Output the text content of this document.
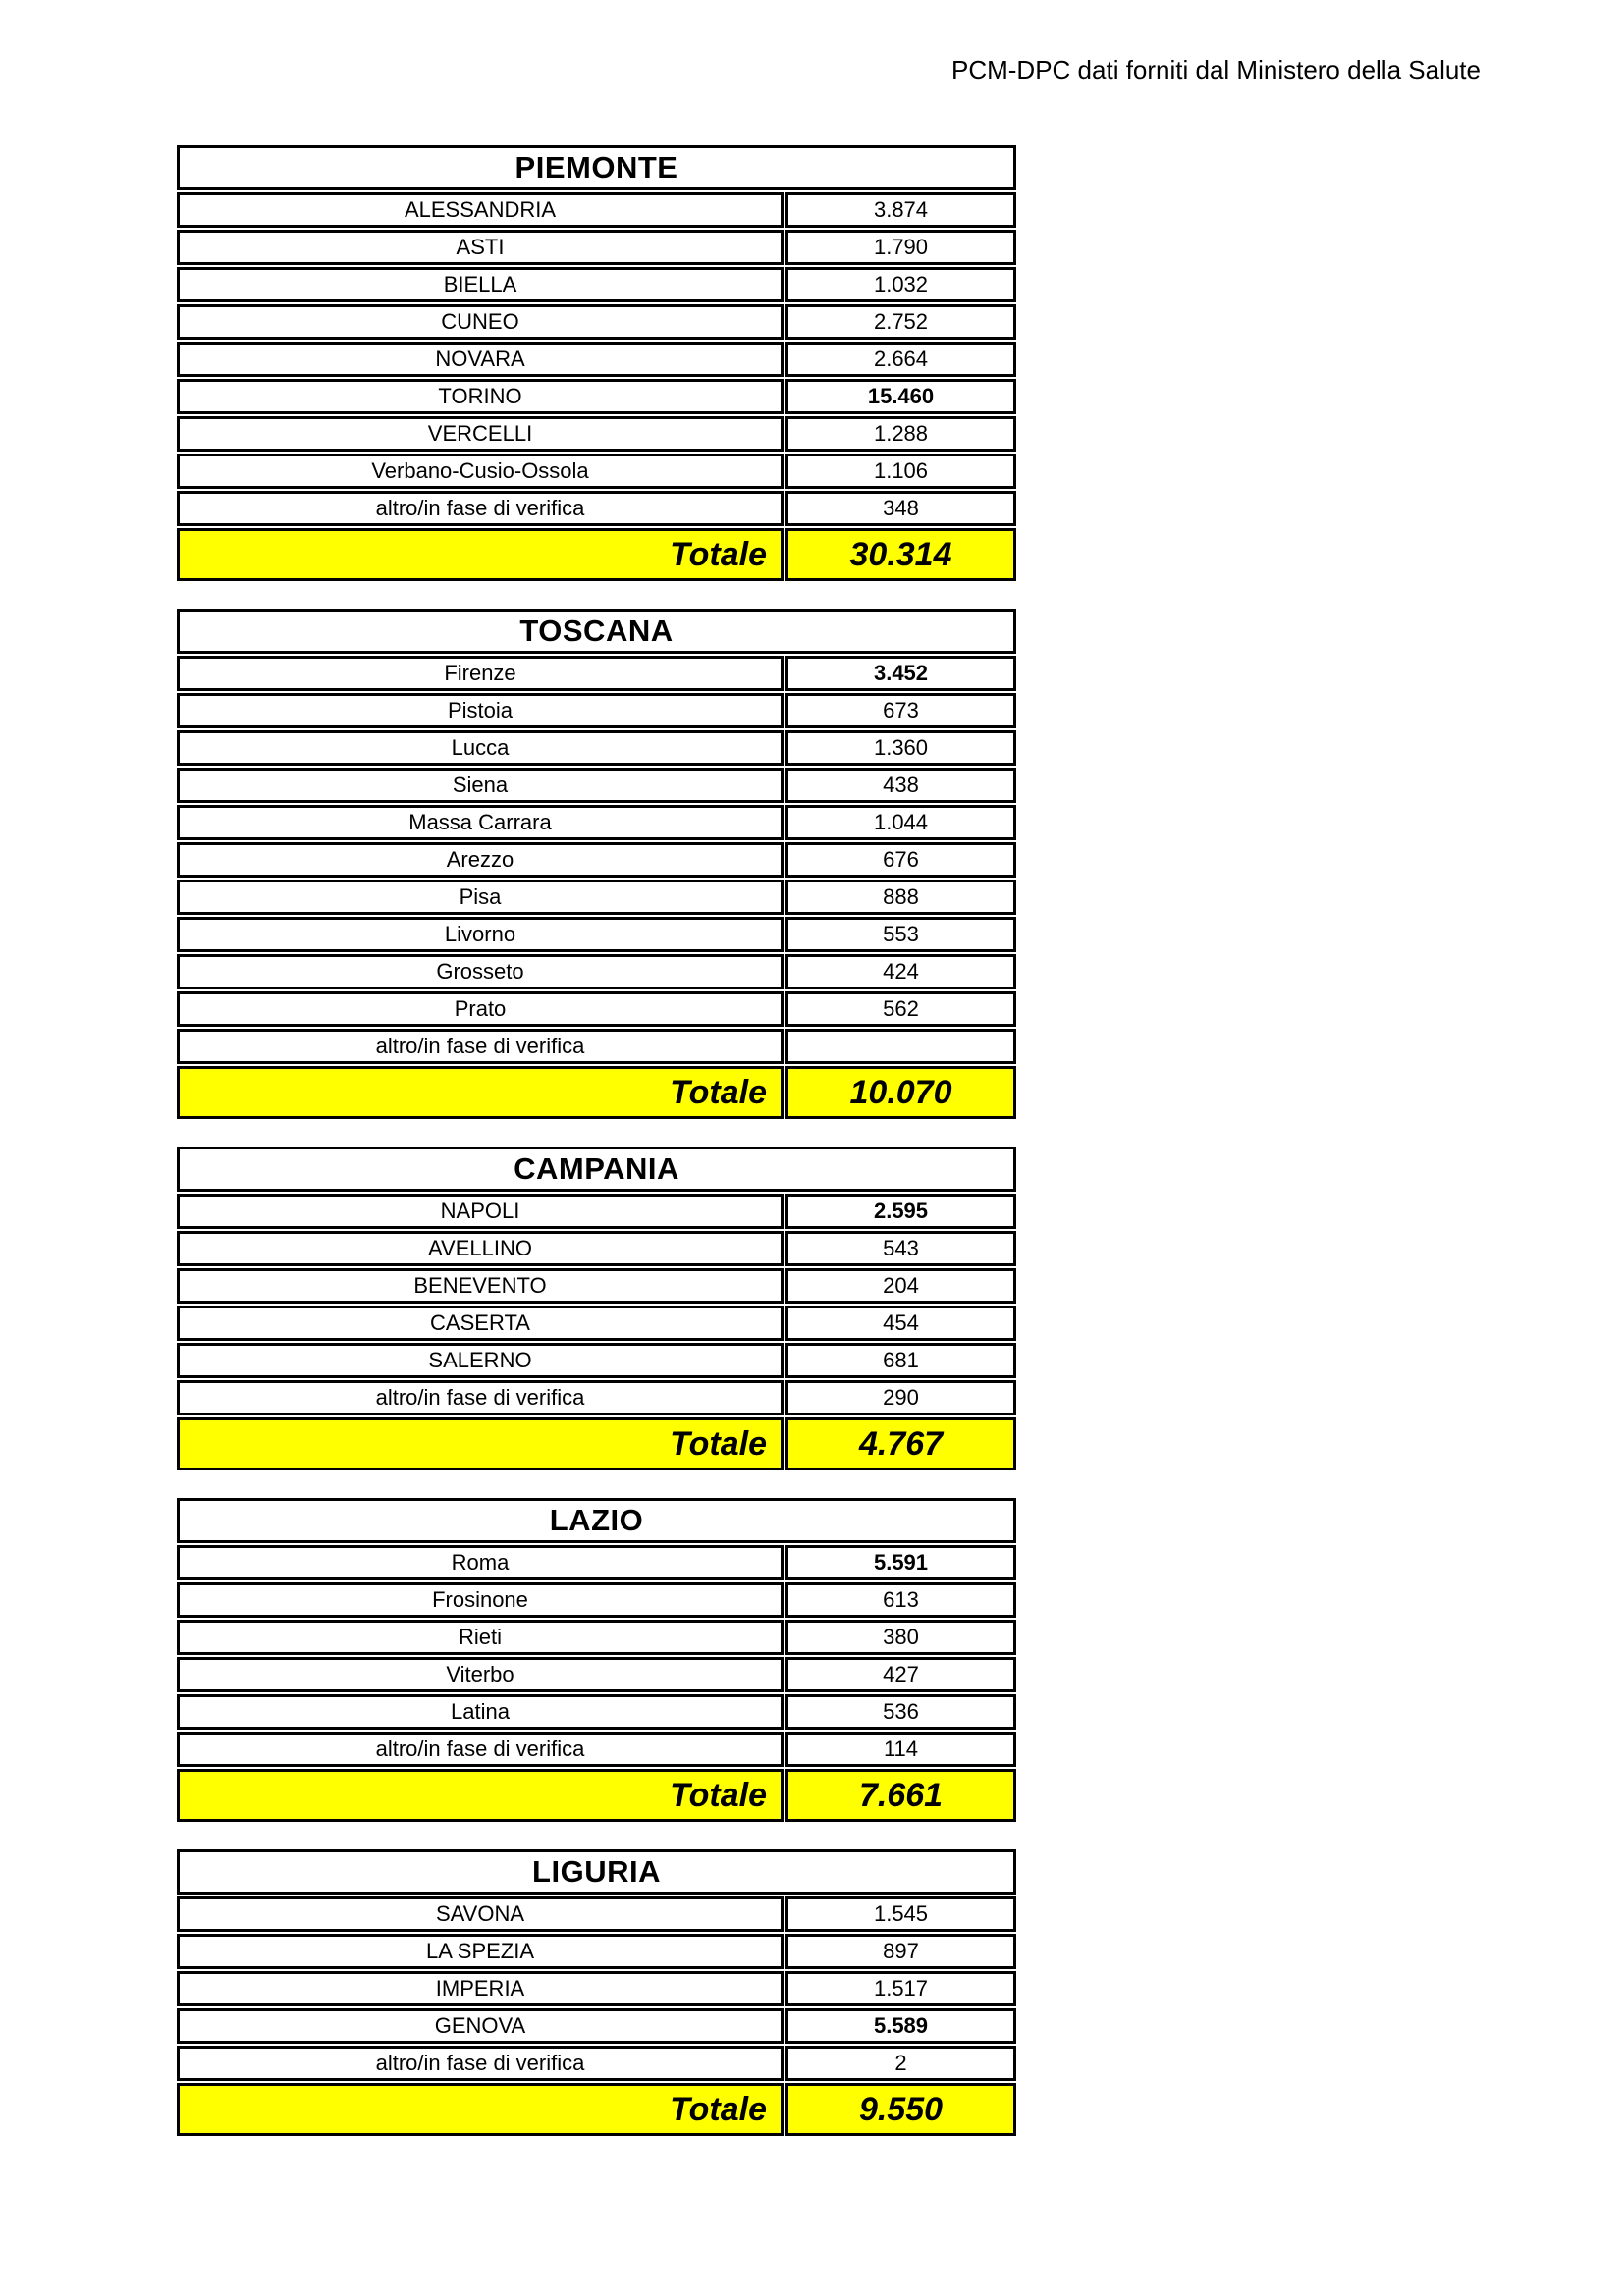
PCM-DPC dati forniti dal Ministero della Salute
PIEMONTE	
ALESSANDRIA	3.874
ASTI	1.790
BIELLA	1.032
CUNEO	2.752
NOVARA	2.664
TORINO	15.460
VERCELLI	1.288
Verbano-Cusio-Ossola	1.106
altro/in fase di verifica	348
Totale	30.314
TOSCANA	
Firenze	3.452
Pistoia	673
Lucca	1.360
Siena	438
Massa Carrara	1.044
Arezzo	676
Pisa	888
Livorno	553
Grosseto	424
Prato	562
altro/in fase di verifica	
Totale	10.070
CAMPANIA	
NAPOLI	2.595
AVELLINO	543
BENEVENTO	204
CASERTA	454
SALERNO	681
altro/in fase di verifica	290
Totale	4.767
LAZIO	
Roma	5.591
Frosinone	613
Rieti	380
Viterbo	427
Latina	536
altro/in fase di verifica	114
Totale	7.661
LIGURIA	
SAVONA	1.545
LA SPEZIA	897
IMPERIA	1.517
GENOVA	5.589
altro/in fase di verifica	2
Totale	9.550
